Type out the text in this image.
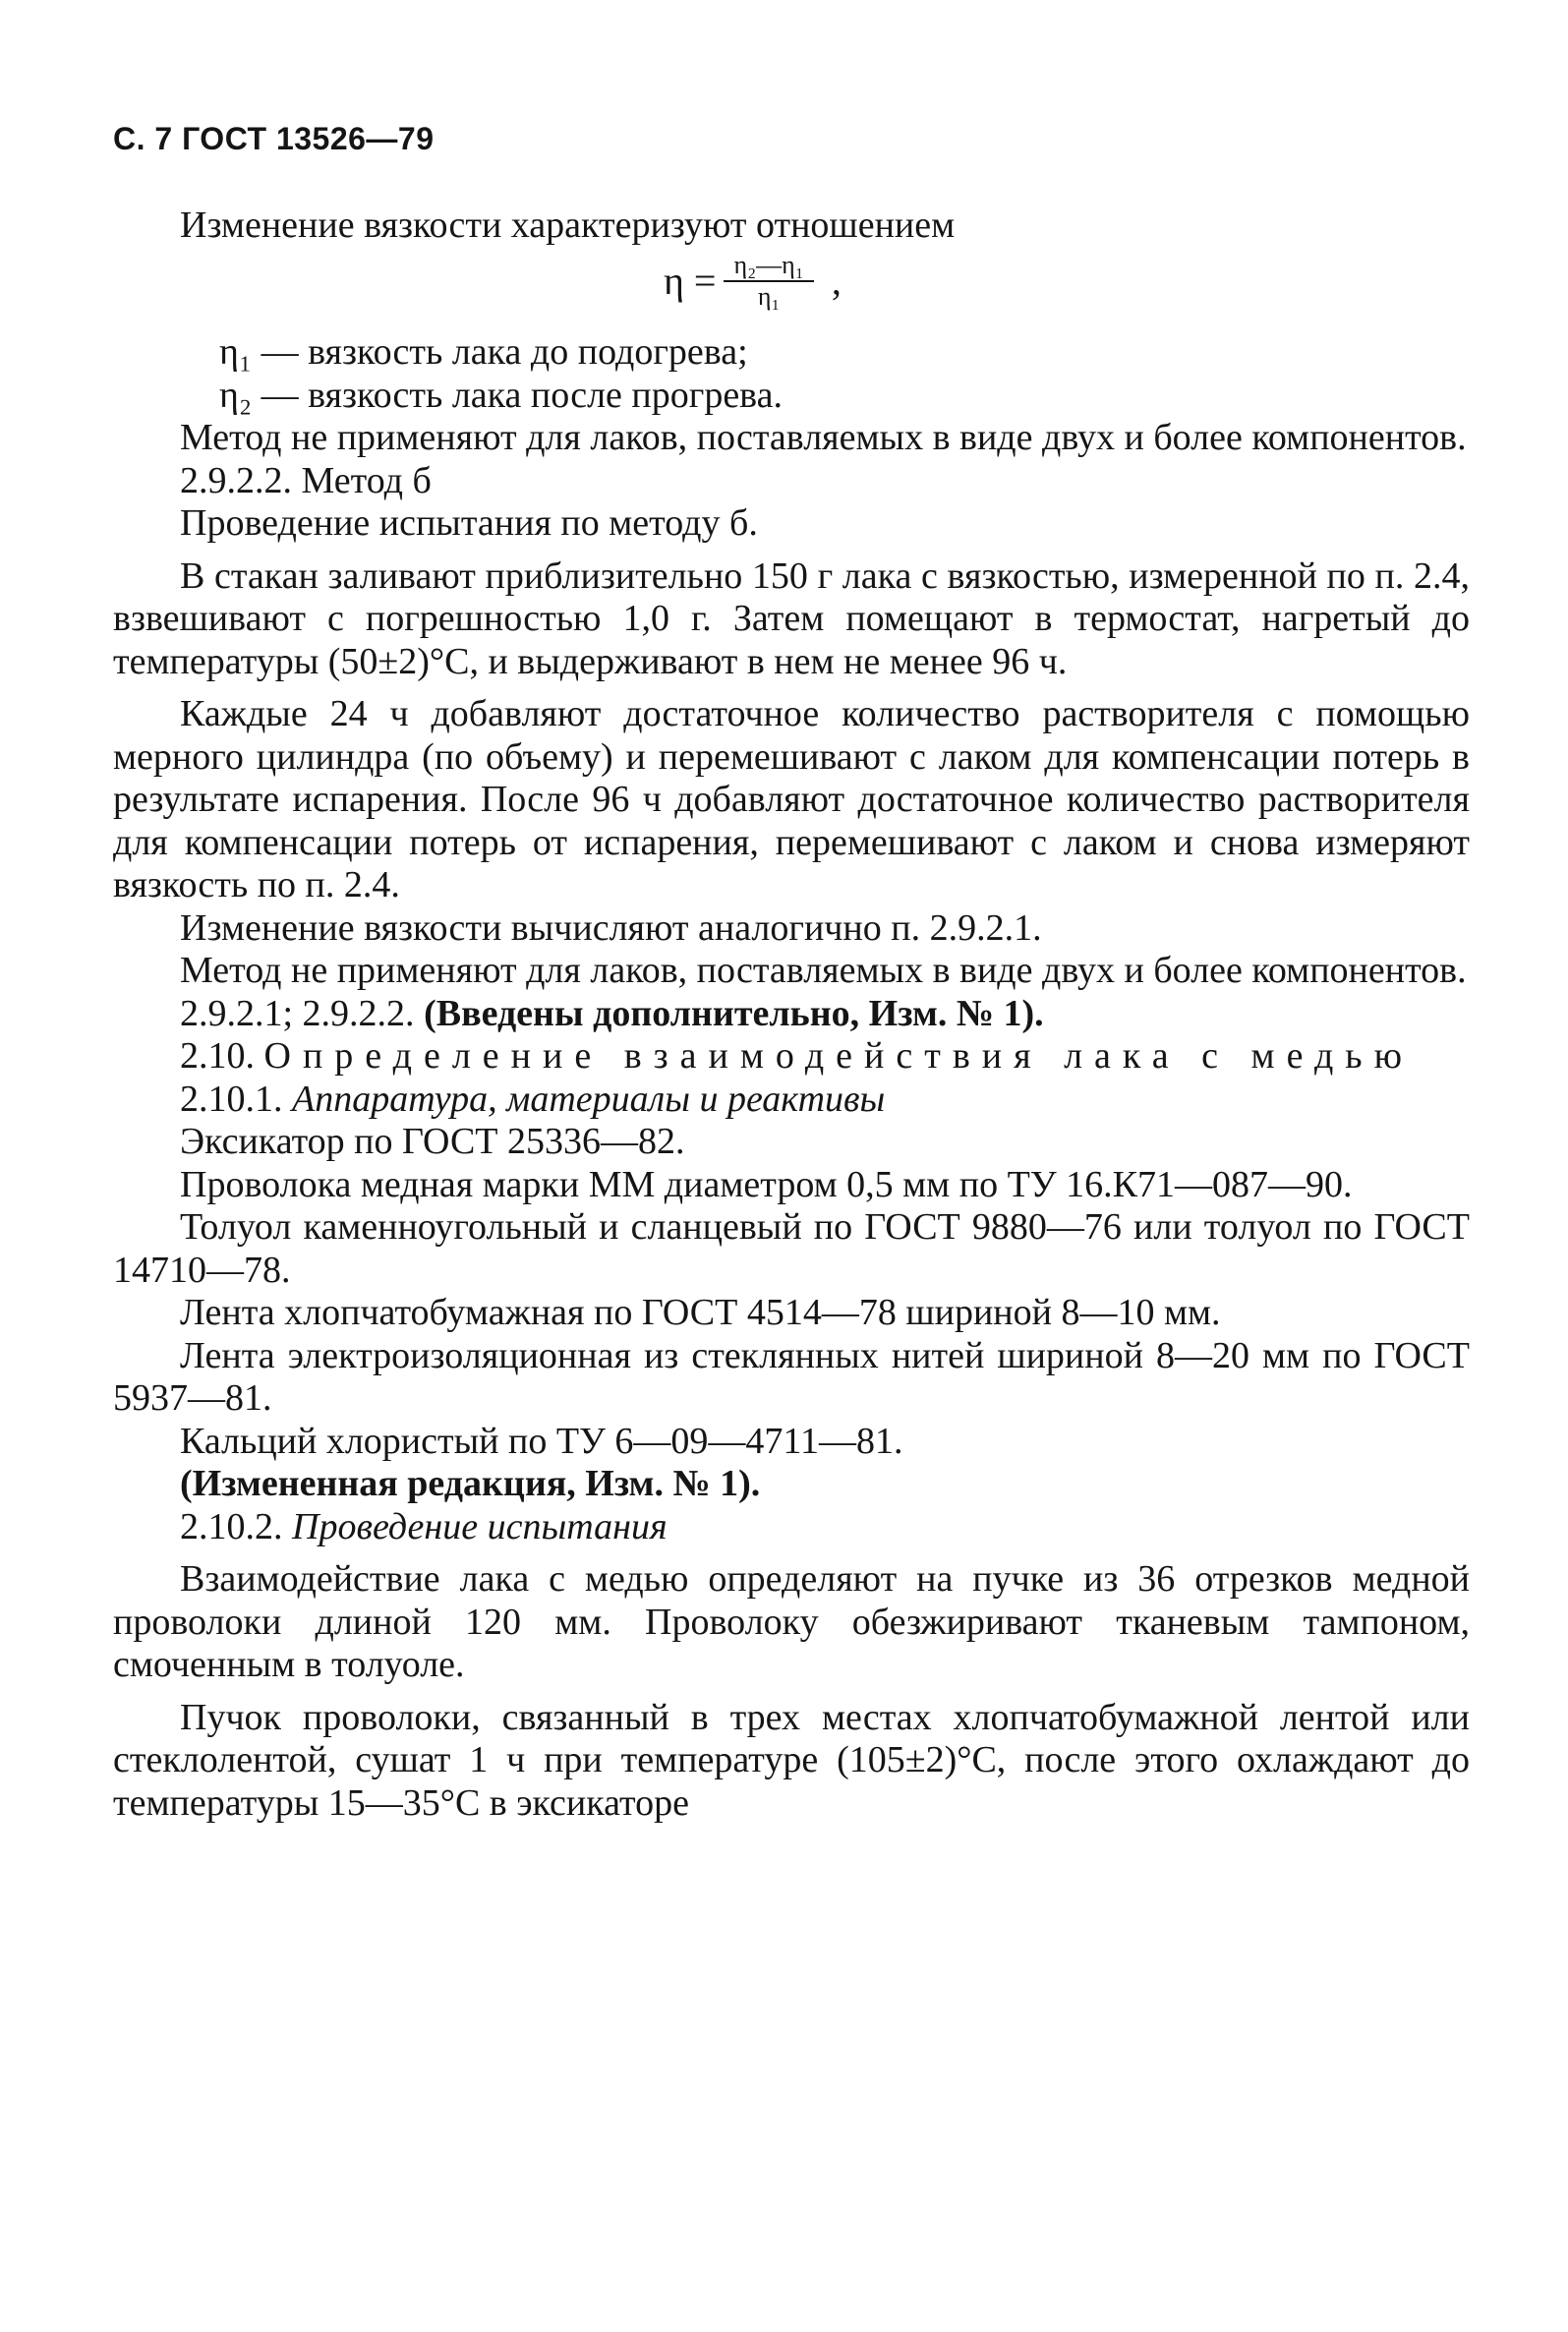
С. 7 ГОСТ 13526—79

Изменение вязкости характеризуют отношением

$\eta = \frac{\text{η₂—η₁}}{\text{η₁}}$ ,

η₁ — вязкость лака до подогрева;

η₂ — вязкость лака после прогрева.

Метод не применяют для лаков, поставляемых в виде двух и более компонентов.

2.9.2.2. Метод б

Проведение испытания по методу б.

В стакан заливают приблизительно 150 г лака с вязкостью, измеренной по п. 2.4, взвешивают с погрешностью 1,0 г. Затем помещают в термостат, нагретый до температуры (50±2)°С, и выдерживают в нем не менее 96 ч.

Каждые 24 ч добавляют достаточное количество растворителя с помощью мерного цилиндра (по объему) и перемешивают с лаком для компенсации потерь в результате испарения. После 96 ч добавляют достаточное количество растворителя для компенсации потерь от испарения, перемешивают с лаком и снова измеряют вязкость по п. 2.4.

Изменение вязкости вычисляют аналогично п. 2.9.2.1.

Метод не применяют для лаков, поставляемых в виде двух и более компонентов.

2.9.2.1; 2.9.2.2. (Введены дополнительно, Изм. № 1).

2.10. Определение взаимодействия лака с медью

2.10.1. Аппаратура, материалы и реактивы

Эксикатор по ГОСТ 25336—82.

Проволока медная марки ММ диаметром 0,5 мм по ТУ 16.К71—087—90.

Толуол каменноугольный и сланцевый по ГОСТ 9880—76 или толуол по ГОСТ 14710—78.

Лента хлопчатобумажная по ГОСТ 4514—78 шириной 8—10 мм.

Лента электроизоляционная из стеклянных нитей шириной 8—20 мм по ГОСТ 5937—81.

Кальций хлористый по ТУ 6—09—4711—81.

(Измененная редакция, Изм. № 1).

2.10.2. Проведение испытания

Взаимодействие лака с медью определяют на пучке из 36 отрезков медной проволоки длиной 120 мм. Проволоку обезжиривают тканевым тампоном, смоченным в толуоле.

Пучок проволоки, связанный в трех местах хлопчатобумажной лентой или стеклолентой, сушат 1 ч при температуре (105±2)°С, после этого охлаждают до температуры 15—35°С в эксикаторе
